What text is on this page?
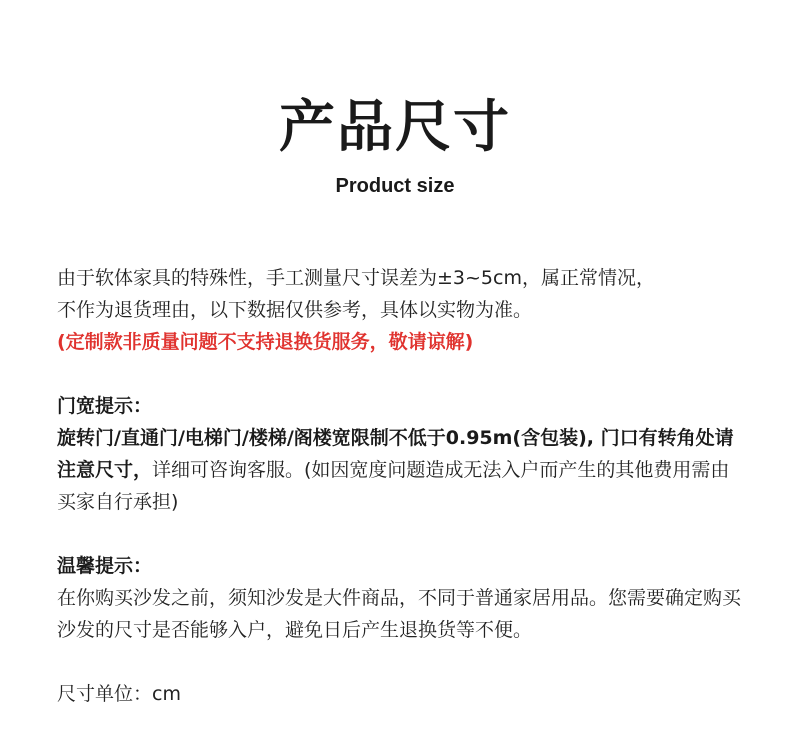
产品尺寸
Product size

由于软体家具的特殊性，手工测量尺寸误差为±3~5cm，属正常情况，

不作为退货理由，以下数据仅供参考，具体以实物为准。

(定制款非质量问题不支持退换货服务，敬请谅解)

门宽提示：

旋转门/直通门/电梯门/楼梯/阁楼宽限制不低于0.95m(含包装), 门口有转角处请注意尺寸，详细可咨询客服。(如因宽度问题造成无法入户而产生的其他费用需由买家自行承担)

温馨提示：

在你购买沙发之前，须知沙发是大件商品，不同于普通家居用品。您需要确定购买沙发的尺寸是否能够入户，避免日后产生退换货等不便。

尺寸单位：cm
